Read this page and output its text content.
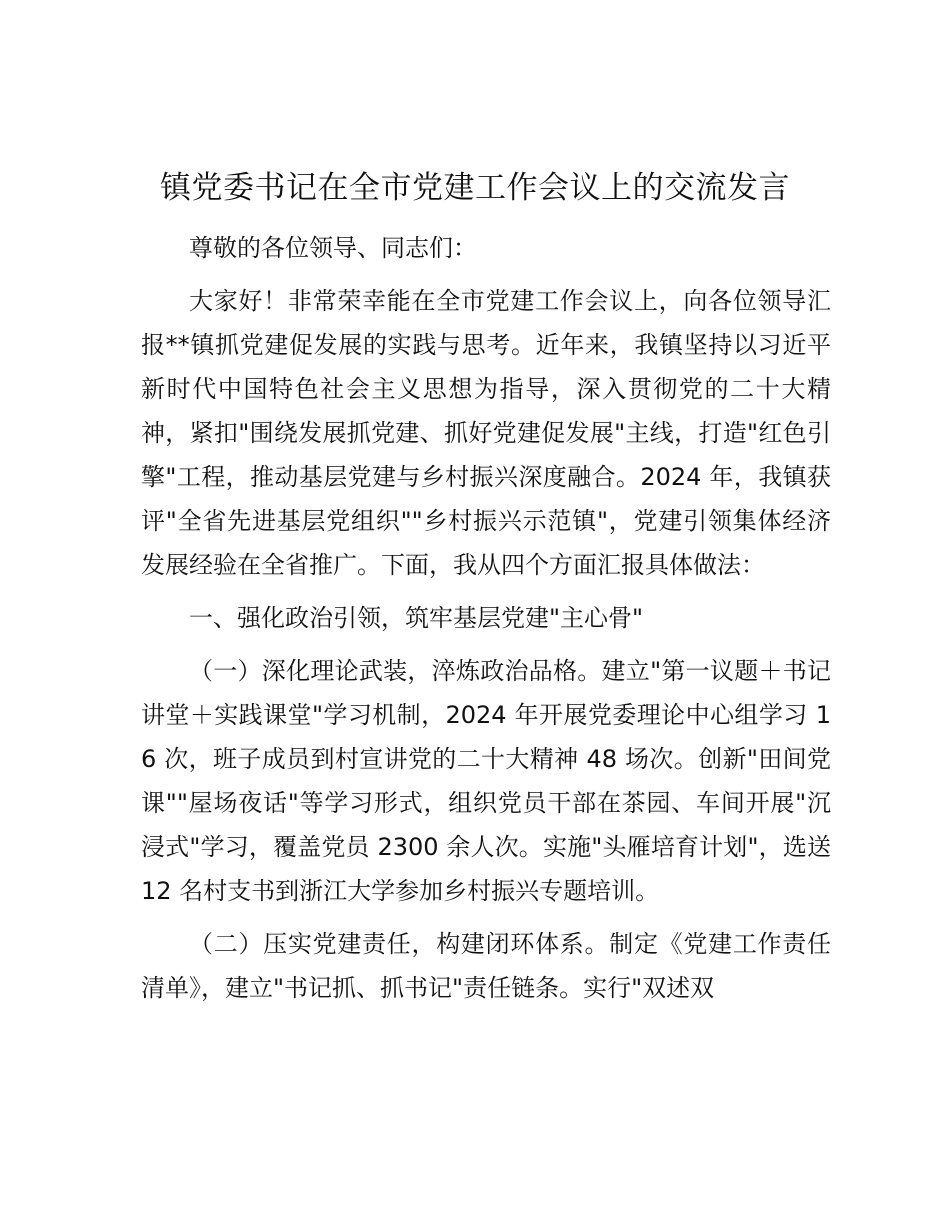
镇党委书记在全市党建工作会议上的交流发言

尊敬的各位领导、同志们：

大家好！非常荣幸能在全市党建工作会议上，向各位领导汇报**镇抓党建促发展的实践与思考。近年来，我镇坚持以习近平新时代中国特色社会主义思想为指导，深入贯彻党的二十大精神，紧扣"围绕发展抓党建、抓好党建促发展"主线，打造"红色引擎"工程，推动基层党建与乡村振兴深度融合。2024 年，我镇获评"全省先进基层党组织""乡村振兴示范镇"，党建引领集体经济发展经验在全省推广。下面，我从四个方面汇报具体做法：

一、强化政治引领，筑牢基层党建"主心骨"

（一）深化理论武装，淬炼政治品格。建立"第一议题＋书记讲堂＋实践课堂"学习机制，2024 年开展党委理论中心组学习 16 次，班子成员到村宣讲党的二十大精神 48 场次。创新"田间党课""屋场夜话"等学习形式，组织党员干部在茶园、车间开展"沉浸式"学习，覆盖党员 2300 余人次。实施"头雁培育计划"，选送 12 名村支书到浙江大学参加乡村振兴专题培训。

（二）压实党建责任，构建闭环体系。制定《党建工作责任清单》，建立"书记抓、抓书记"责任链条。实行"双述双
